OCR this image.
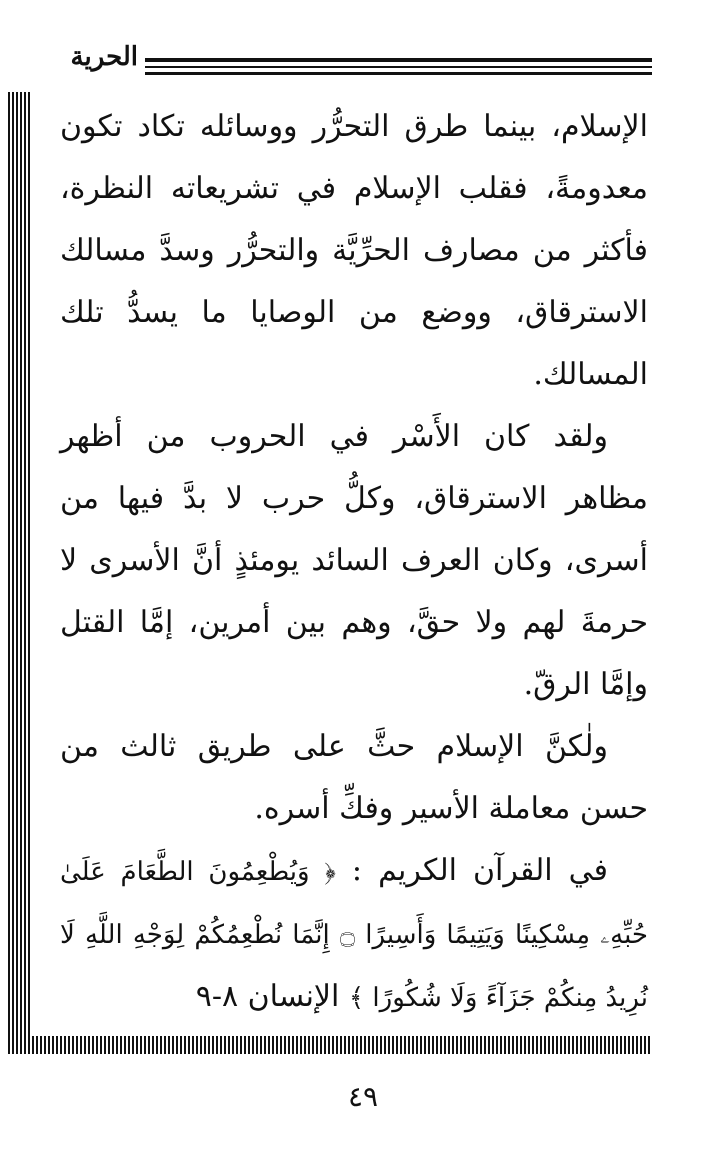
الحرية

الإسلام، بينما طرق التحرُّر ووسائله تكاد تكون معدومةً، فقلب الإسلام في تشريعاته النظرة، فأكثر من مصارف الحرِّيَّة والتحرُّر وسدَّ مسالك الاسترقاق، ووضع من الوصايا ما يسدُّ تلك المسالك.

ولقد كان الأَسْر في الحروب من أظهر مظاهر الاسترقاق، وكلُّ حرب لا بدَّ فيها من أسرى، وكان العرف السائد يومئذٍ أنَّ الأسرى لا حرمةَ لهم ولا حقَّ، وهم بين أمرين، إمَّا القتل وإمَّا الرقّ.

ولٰكنَّ الإسلام حثَّ على طريق ثالث من حسن معاملة الأسير وفكِّ أسره.

في القرآن الكريم : ﴿ وَيُطْعِمُونَ الطَّعَامَ عَلَىٰ حُبِّهِۦ مِسْكِينًا وَيَتِيمًا وَأَسِيرًا ۝ إِنَّمَا نُطْعِمُكُمْ لِوَجْهِ اللَّهِ لَا نُرِيدُ مِنكُمْ جَزَآءً وَلَا شُكُورًا ﴾ الإنسان ٨-٩

٤٩
